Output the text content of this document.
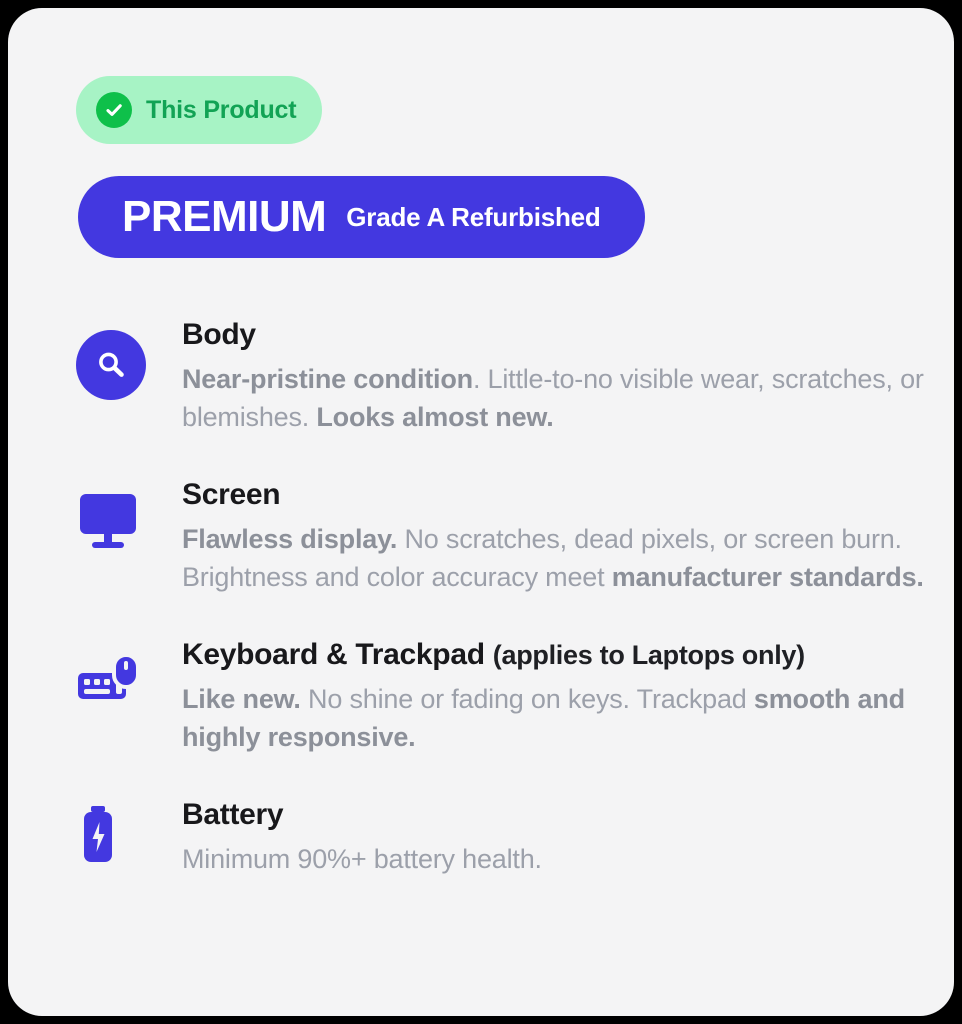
This Product
PREMIUM Grade A Refurbished
Body
Near-pristine condition. Little-to-no visible wear, scratches, or blemishes. Looks almost new.
Screen
Flawless display. No scratches, dead pixels, or screen burn. Brightness and color accuracy meet manufacturer standards.
Keyboard & Trackpad (applies to Laptops only)
Like new. No shine or fading on keys. Trackpad smooth and highly responsive.
Battery
Minimum 90%+ battery health.
